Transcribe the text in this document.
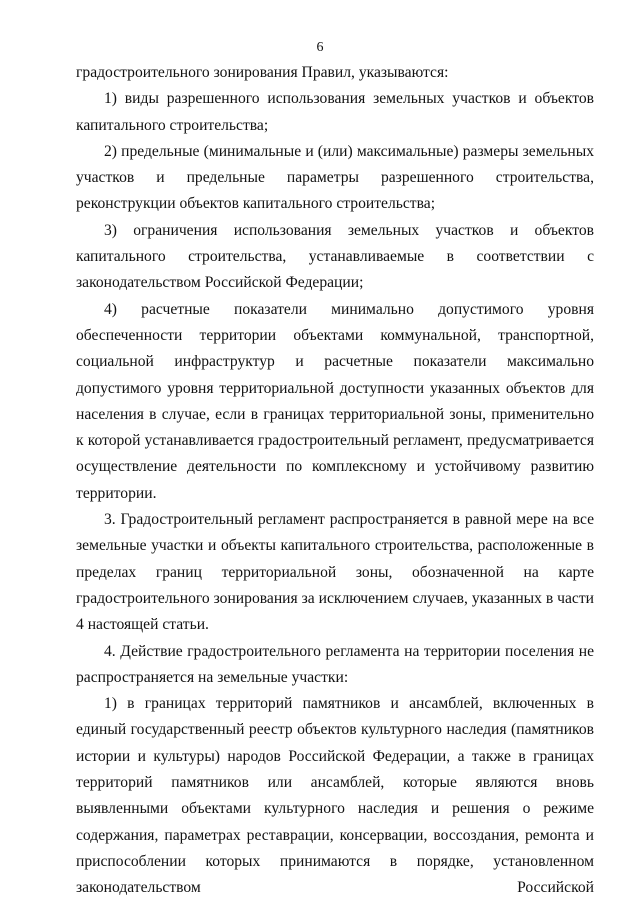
6

градостроительного зонирования Правил, указываются:

1) виды разрешенного использования земельных участков и объектов капитального строительства;

2) предельные (минимальные и (или) максимальные) размеры земельных участков и предельные параметры разрешенного строительства, реконструкции объектов капитального строительства;

3) ограничения использования земельных участков и объектов капитального строительства, устанавливаемые в соответствии с законодательством Российской Федерации;

4) расчетные показатели минимально допустимого уровня обеспеченности территории объектами коммунальной, транспортной, социальной инфраструктур и расчетные показатели максимально допустимого уровня территориальной доступности указанных объектов для населения в случае, если в границах территориальной зоны, применительно к которой устанавливается градостроительный регламент, предусматривается осуществление деятельности по комплексному и устойчивому развитию территории.

3. Градостроительный регламент распространяется в равной мере на все земельные участки и объекты капитального строительства, расположенные в пределах границ территориальной зоны, обозначенной на карте градостроительного зонирования за исключением случаев, указанных в части 4 настоящей статьи.

4. Действие градостроительного регламента на территории поселения не распространяется на земельные участки:

1) в границах территорий памятников и ансамблей, включенных в единый государственный реестр объектов культурного наследия (памятников истории и культуры) народов Российской Федерации, а также в границах территорий памятников или ансамблей, которые являются вновь выявленными объектами культурного наследия и решения о режиме содержания, параметрах реставрации, консервации, воссоздания, ремонта и приспособлении которых принимаются в порядке, установленном законодательством Российской
